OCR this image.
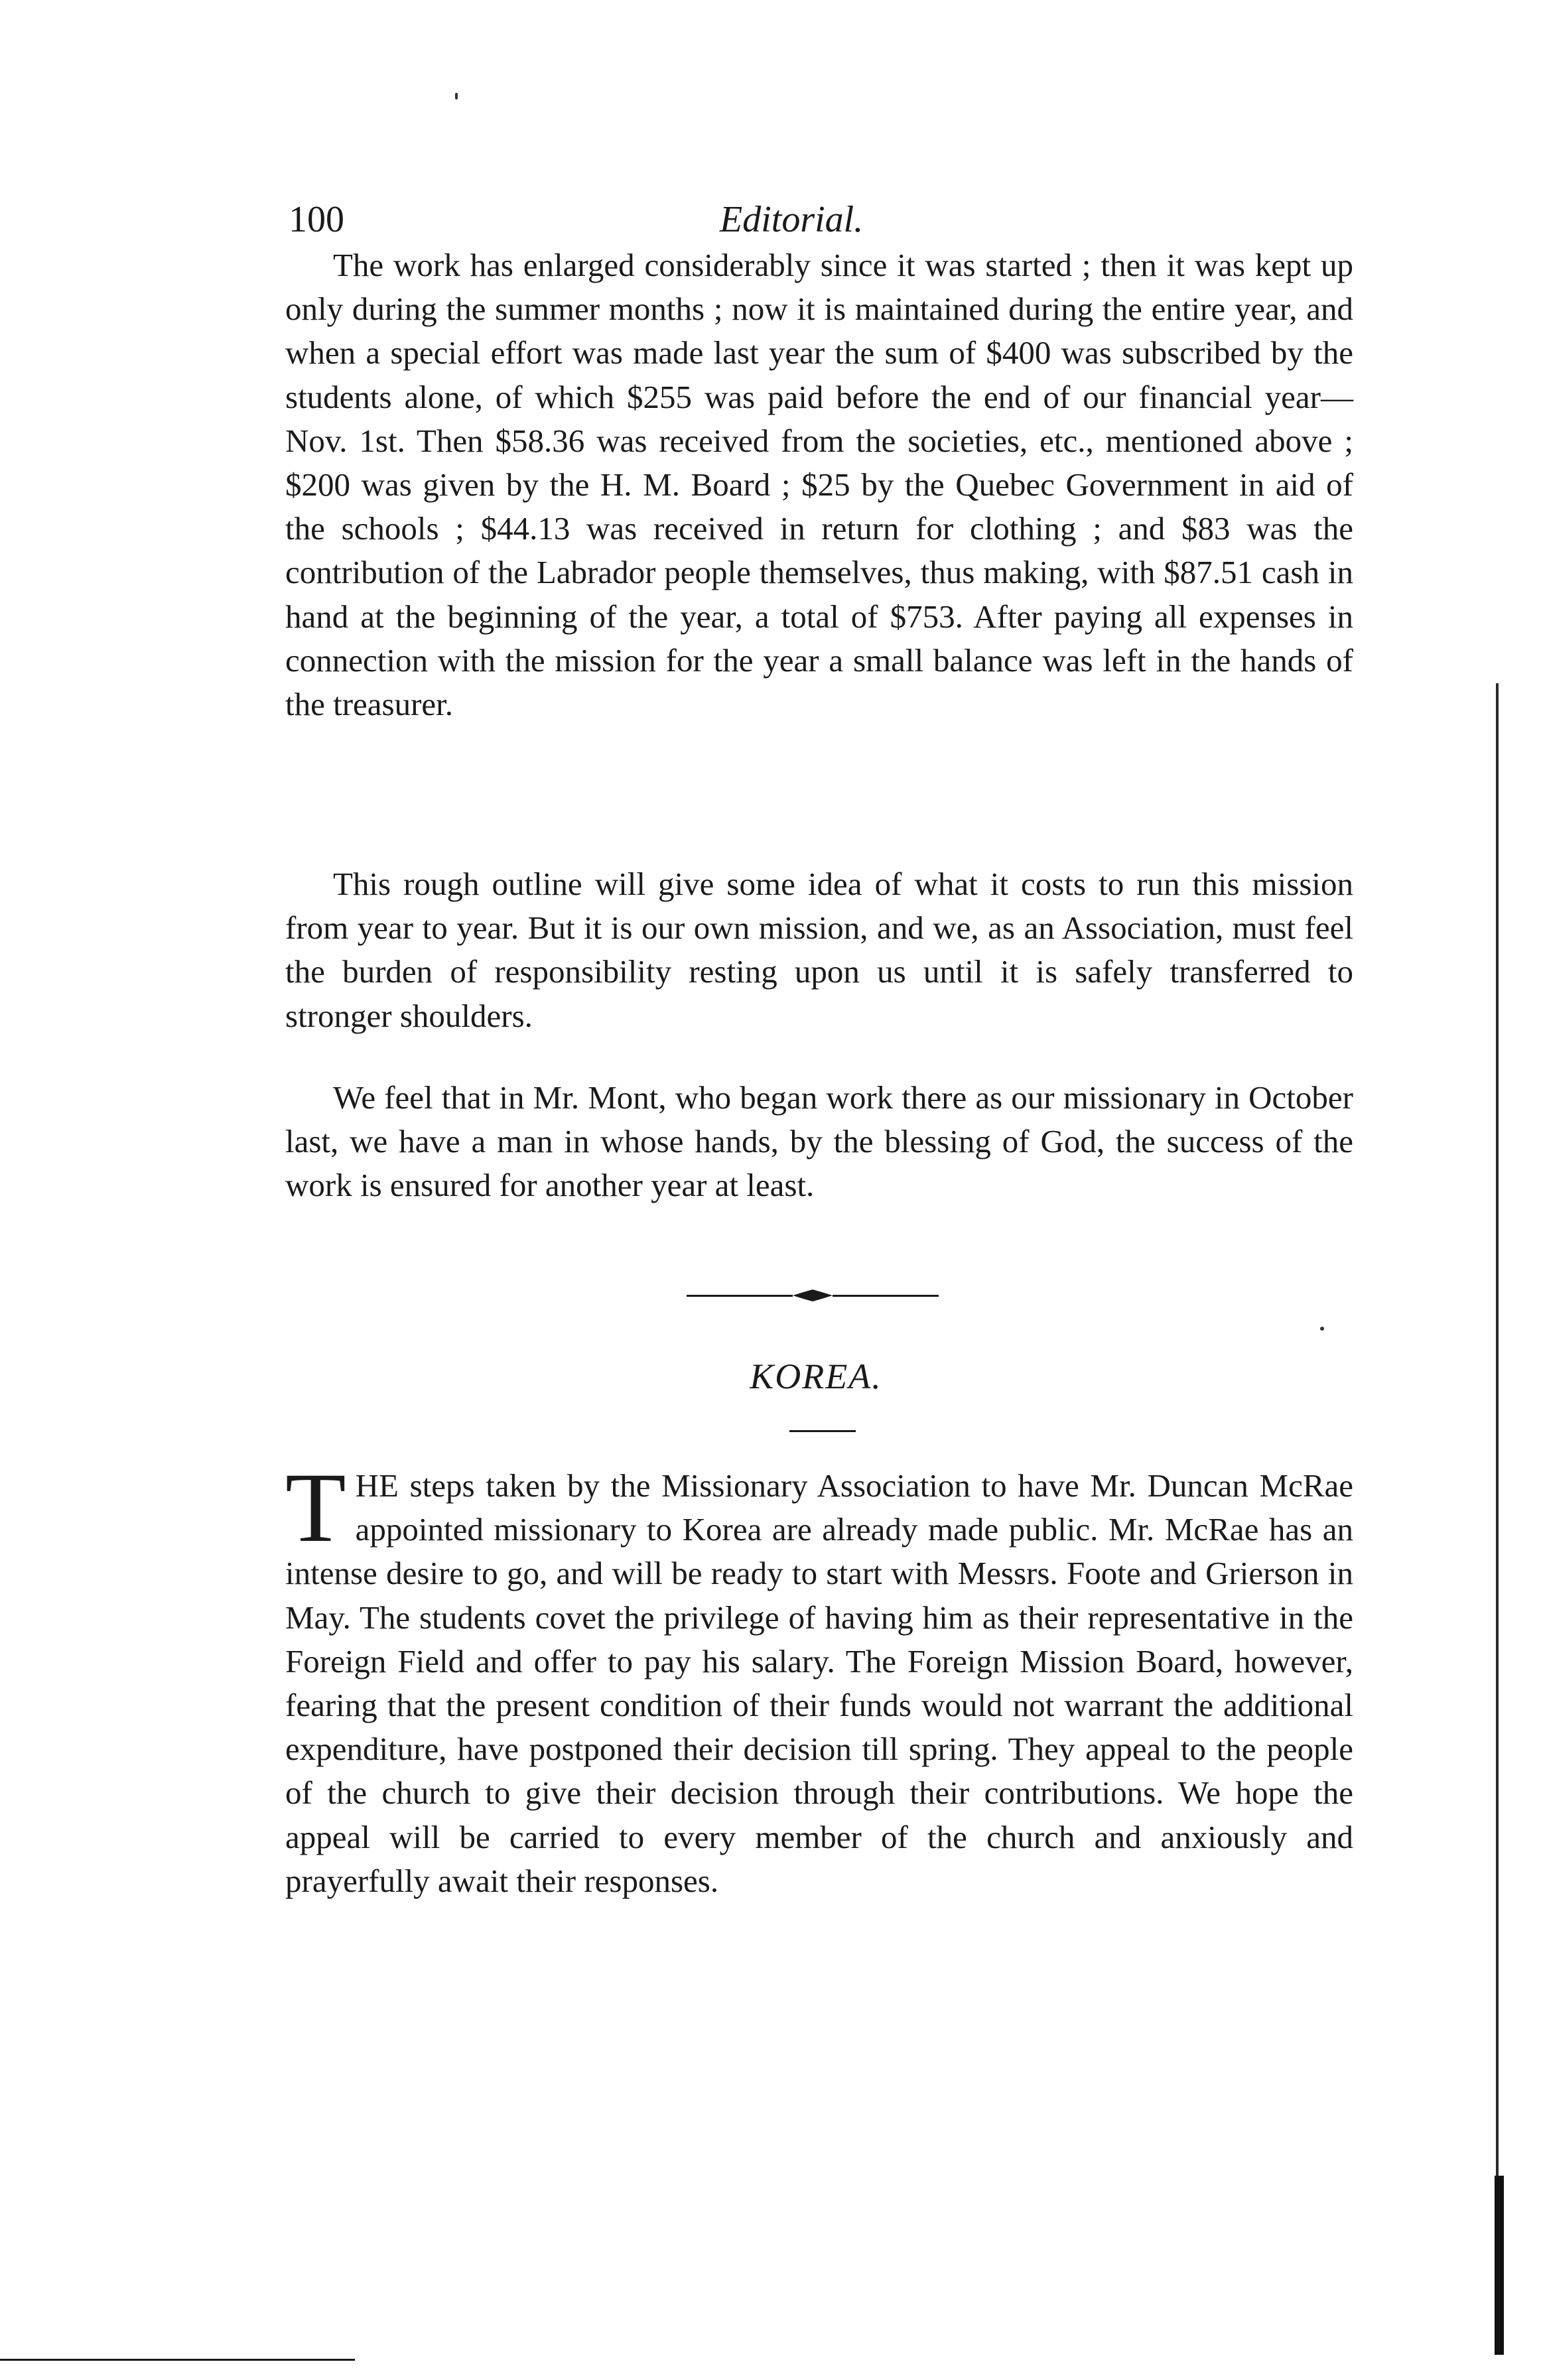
100	Editorial.

The work has enlarged considerably since it was started ; then it was kept up only during the summer months ; now it is maintained during the entire year, and when a special effort was made last year the sum of $400 was subscribed by the students alone, of which $255 was paid before the end of our financial year—Nov. 1st. Then $58.36 was received from the societies, etc., mentioned above ; $200 was given by the H. M. Board ; $25 by the Quebec Government in aid of the schools ; $44.13 was received in return for clothing ; and $83 was the contribution of the Labrador people themselves, thus making, with $87.51 cash in hand at the beginning of the year, a total of $753. After paying all expenses in connection with the mission for the year a small balance was left in the hands of the treasurer.

This rough outline will give some idea of what it costs to run this mission from year to year. But it is our own mission, and we, as an Association, must feel the burden of responsibility resting upon us until it is safely transferred to stronger shoulders.

We feel that in Mr. Mont, who began work there as our missionary in October last, we have a man in whose hands, by the blessing of God, the success of the work is ensured for another year at least.

KOREA.
T HE steps taken by the Missionary Association to have Mr. Duncan McRae appointed missionary to Korea are already made public. Mr. McRae has an intense desire to go, and will be ready to start with Messrs. Foote and Grierson in May. The students covet the privilege of having him as their representative in the Foreign Field and offer to pay his salary. The Foreign Mission Board, however, fearing that the present condition of their funds would not warrant the additional expenditure, have postponed their decision till spring. They appeal to the people of the church to give their decision through their contributions. We hope the appeal will be carried to every member of the church and anxiously and prayerfully await their responses.
